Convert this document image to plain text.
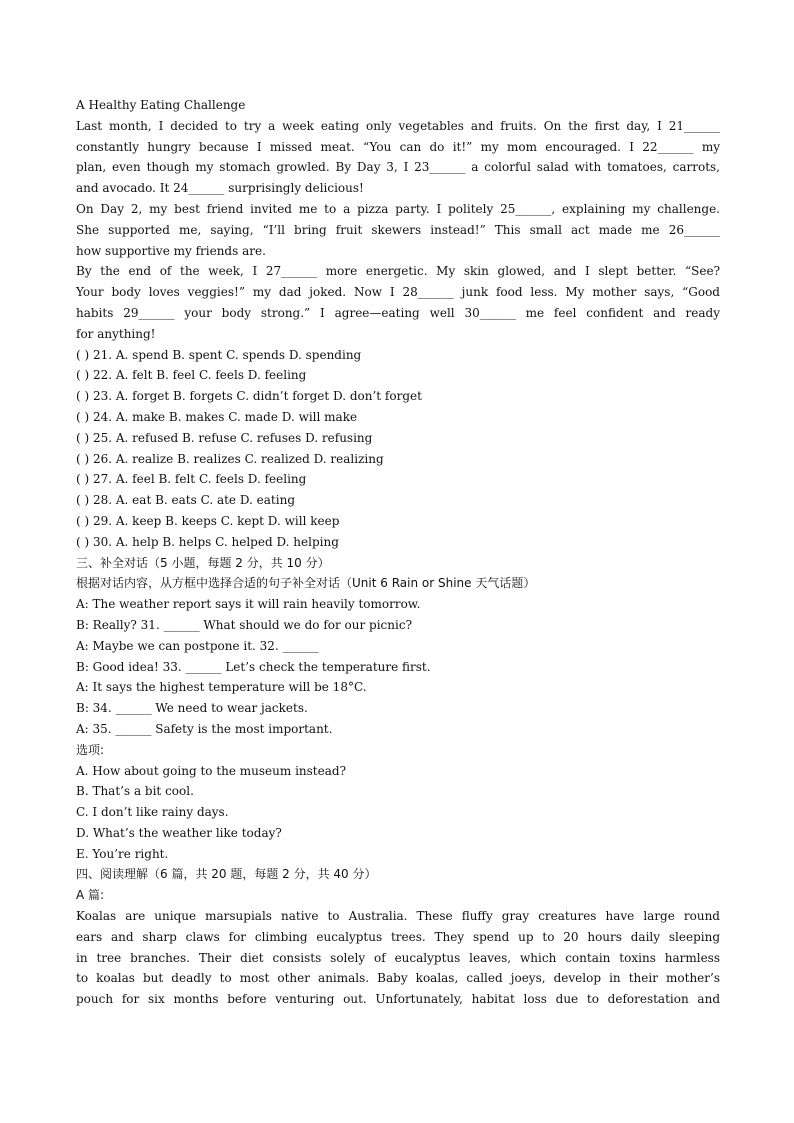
A Healthy Eating Challenge
Last month, I decided to try a week eating only vegetables and fruits. On the first day, I 21______
constantly hungry because I missed meat. “You can do it!” my mom encouraged. I 22______ my
plan, even though my stomach growled. By Day 3, I 23______ a colorful salad with tomatoes, carrots,
and avocado. It 24______ surprisingly delicious!
On Day 2, my best friend invited me to a pizza party. I politely 25______, explaining my challenge.
She supported me, saying, “I’ll bring fruit skewers instead!” This small act made me 26______
how supportive my friends are.
By the end of the week, I 27______ more energetic. My skin glowed, and I slept better. “See?
Your body loves veggies!” my dad joked. Now I 28______ junk food less. My mother says, “Good
habits 29______ your body strong.” I agree—eating well 30______ me feel confident and ready
for anything!
( ) 21. A. spend B. spent C. spends D. spending
( ) 22. A. felt B. feel C. feels D. feeling
( ) 23. A. forget B. forgets C. didn’t forget D. don’t forget
( ) 24. A. make B. makes C. made D. will make
( ) 25. A. refused B. refuse C. refuses D. refusing
( ) 26. A. realize B. realizes C. realized D. realizing
( ) 27. A. feel B. felt C. feels D. feeling
( ) 28. A. eat B. eats C. ate D. eating
( ) 29. A. keep B. keeps C. kept D. will keep
( ) 30. A. help B. helps C. helped D. helping
三、补全对话（5 小题，每题 2 分，共 10 分）
根据对话内容，从方框中选择合适的句子补全对话（Unit 6 Rain or Shine 天气话题）
A: The weather report says it will rain heavily tomorrow.
B: Really? 31. ______ What should we do for our picnic?
A: Maybe we can postpone it. 32. ______
B: Good idea! 33. ______ Let’s check the temperature first.
A: It says the highest temperature will be 18°C.
B: 34. ______ We need to wear jackets.
A: 35. ______ Safety is the most important.
选项:
A. How about going to the museum instead?
B. That’s a bit cool.
C. I don’t like rainy days.
D. What’s the weather like today?
E. You’re right.
四、阅读理解（6 篇，共 20 题，每题 2 分，共 40 分）
A 篇:
Koalas are unique marsupials native to Australia. These fluffy gray creatures have large round
ears and sharp claws for climbing eucalyptus trees. They spend up to 20 hours daily sleeping
in tree branches. Their diet consists solely of eucalyptus leaves, which contain toxins harmless
to koalas but deadly to most other animals. Baby koalas, called joeys, develop in their mother’s
pouch for six months before venturing out. Unfortunately, habitat loss due to deforestation and
